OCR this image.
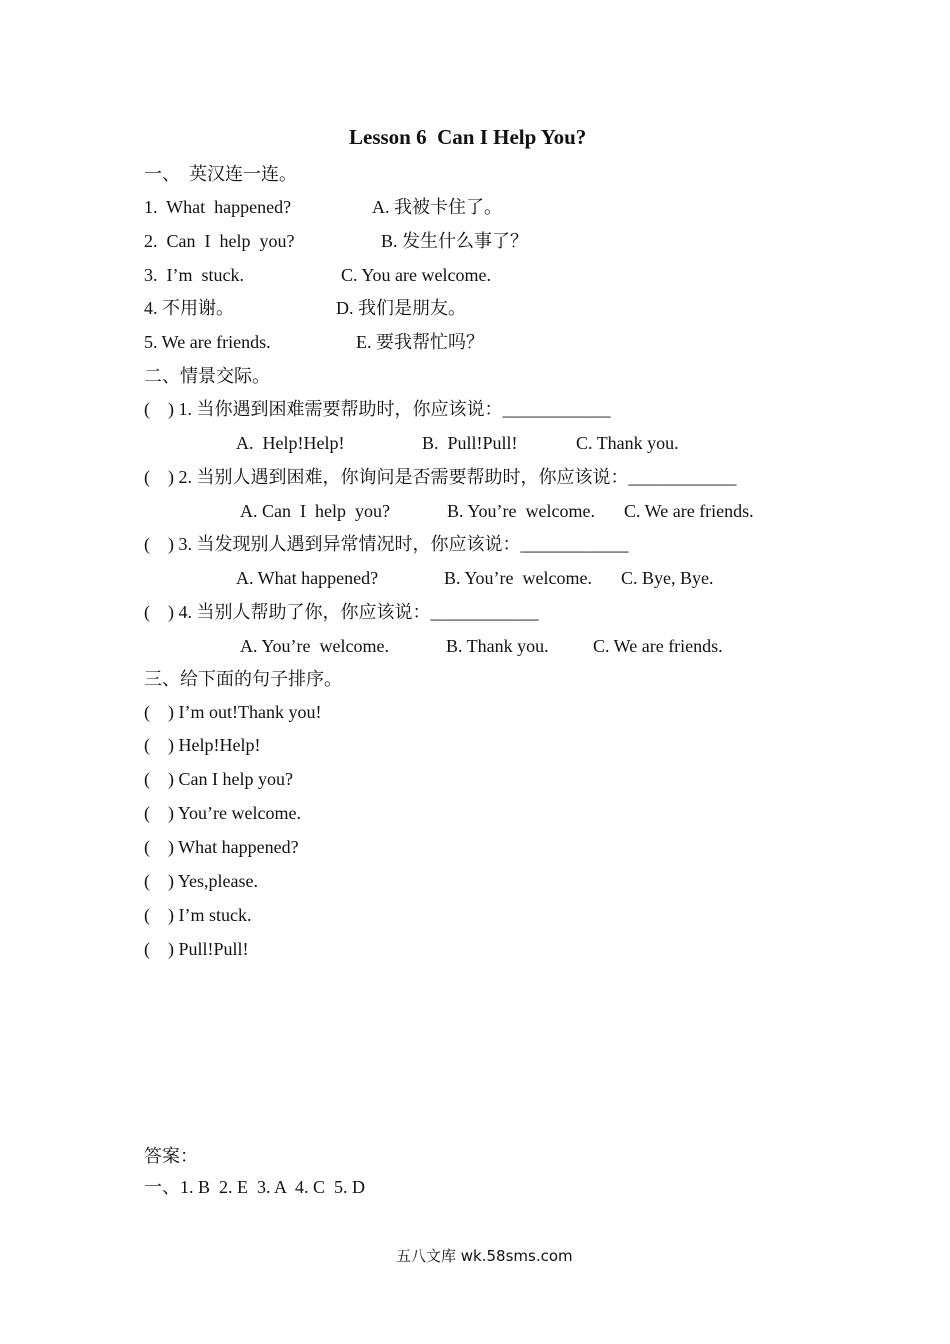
Lesson 6  Can I Help You?
一、  英汉连一连。
1.  What  happened?	A. 我被卡住了。
2.  Can  I  help  you?	B. 发生什么事了？
3.  I’m  stuck.	C. You are welcome.
4. 不用谢。	D. 我们是朋友。
5. We are friends.	E. 要我帮忙吗？
二、情景交际。
(    ) 1. 当你遇到困难需要帮助时，你应该说：____________
A.  Help!Help!	B.  Pull!Pull!	C. Thank you.
(    ) 2. 当别人遇到困难，你询问是否需要帮助时，你应该说：____________
A. Can  I  help  you?	B. You’re  welcome. C. We are friends.
(    ) 3. 当发现别人遇到异常情况时，你应该说：____________
A. What happened?	B. You’re  welcome. C. Bye, Bye.
(    ) 4. 当别人帮助了你，你应该说：____________
A. You’re  welcome.	B. Thank you. C. We are friends.
三、给下面的句子排序。
(    ) I’m out!Thank you!
(    ) Help!Help!
(    ) Can I help you?
(    ) You’re welcome.
(    ) What happened?
(    ) Yes,please.
(    ) I’m stuck.
(    ) Pull!Pull!
答案：
一、1. B  2. E  3. A  4. C  5. D
五八文库 wk.58sms.com
